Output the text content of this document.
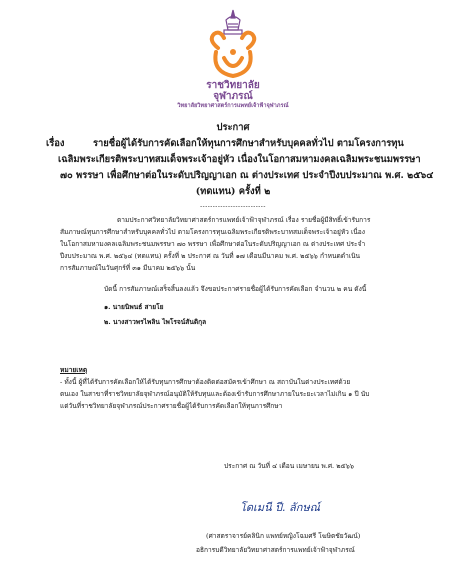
ราชวิทยาลัย
จุฬาภรณ์
วิทยาลัยวิทยาศาสตร์การแพทย์เจ้าฟ้าจุฬาภรณ์
ประกาศ
เรื่อง	รายชื่อผู้ได้รับการคัดเลือกให้ทุนการศึกษาสำหรับบุคคลทั่วไป ตามโครงการทุน
เฉลิมพระเกียรติพระบาทสมเด็จพระเจ้าอยู่หัว เนื่องในโอกาสมหามงคลเฉลิมพระชนมพรรษา
๗๐ พรรษา เพื่อศึกษาต่อในระดับปริญญาเอก ณ ต่างประเทศ ประจำปีงบประมาณ พ.ศ. ๒๕๖๔
(ทดแทน) ครั้งที่ ๒
--------------------------
ตามประกาศวิทยาลัยวิทยาศาสตร์การแพทย์เจ้าฟ้าจุฬาภรณ์ เรื่อง รายชื่อผู้มีสิทธิ์เข้ารับการ
สัมภาษณ์ทุนการศึกษาสำหรับบุคคลทั่วไป ตามโครงการทุนเฉลิมพระเกียรติพระบาทสมเด็จพระเจ้าอยู่หัว เนื่อง
ในโอกาสมหามงคลเฉลิมพระชนมพรรษา ๗๐ พรรษา เพื่อศึกษาต่อในระดับปริญญาเอก ณ ต่างประเทศ ประจำ
ปีงบประมาณ พ.ศ. ๒๕๖๔ (ทดแทน) ครั้งที่ ๒ ประกาศ ณ วันที่ ๑๗ เดือนมีนาคม พ.ศ. ๒๕๖๖ กำหนดดำเนิน
การสัมภาษณ์ในวันศุกร์ที่ ๓๑ มีนาคม ๒๕๖๖ นั้น
บัดนี้ การสัมภาษณ์เสร็จสิ้นลงแล้ว จึงขอประกาศรายชื่อผู้ได้รับการคัดเลือก จำนวน ๒ คน ดังนี้
๑. นายนิพนธ์ สายโย
๒. นางสาวพรไพลิน ไพโรจน์สันติกุล
หมายเหตุ
- ทั้งนี้ ผู้ที่ได้รับการคัดเลือกให้ได้รับทุนการศึกษาต้องติดต่อสมัครเข้าศึกษา ณ สถาบันในต่างประเทศด้วย
ตนเอง ในสาขาที่ราชวิทยาลัยจุฬาภรณ์อนุมัติให้รับทุนและต้องเข้ารับการศึกษาภายในระยะเวลาไม่เกิน ๑ ปี นับ
แต่วันที่ราชวิทยาลัยจุฬาภรณ์ประกาศรายชื่อผู้ได้รับการคัดเลือกให้ทุนการศึกษา
ประกาศ ณ วันที่ ๔ เดือน เมษายน พ.ศ. ๒๕๖๖
โดเมนี ปี. ลักษณ์
(ศาสตราจารย์คลินิก แพทย์หญิงโฉมศรี โฆษิตชัยวัฒน์)
อธิการบดีวิทยาลัยวิทยาศาสตร์การแพทย์เจ้าฟ้าจุฬาภรณ์
